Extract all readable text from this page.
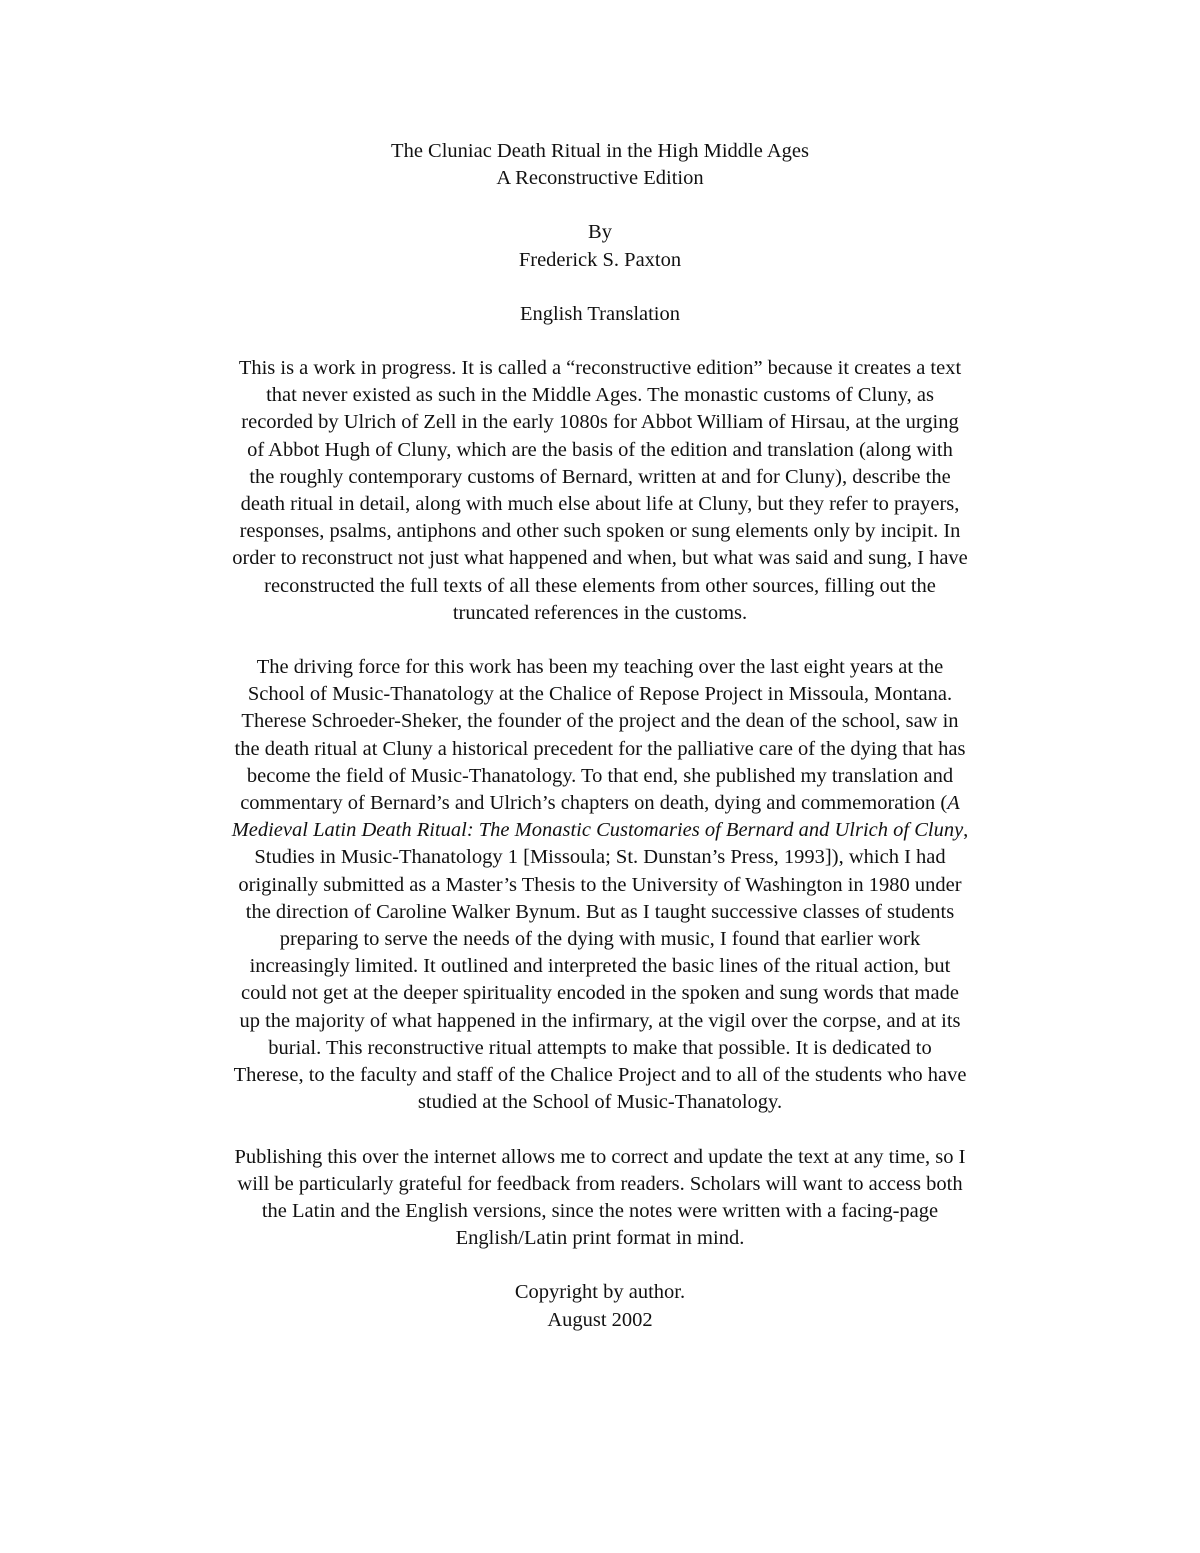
The Cluniac Death Ritual in the High Middle Ages
A Reconstructive Edition
By
Frederick S. Paxton
English Translation
This is a work in progress. It is called a “reconstructive edition” because it creates a text
that never existed as such in the Middle Ages. The monastic customs of Cluny, as
recorded by Ulrich of Zell in the early 1080s for Abbot William of Hirsau, at the urging
of Abbot Hugh of Cluny, which are the basis of the edition and translation (along with
the roughly contemporary customs of Bernard, written at and for Cluny), describe the
death ritual in detail, along with much else about life at Cluny, but they refer to prayers,
responses, psalms, antiphons and other such spoken or sung elements only by incipit. In
order to reconstruct not just what happened and when, but what was said and sung, I have
reconstructed the full texts of all these elements from other sources, filling out the
truncated references in the customs.
The driving force for this work has been my teaching over the last eight years at the
School of Music-Thanatology at the Chalice of Repose Project in Missoula, Montana.
Therese Schroeder-Sheker, the founder of the project and the dean of the school, saw in
the death ritual at Cluny a historical precedent for the palliative care of the dying that has
become the field of Music-Thanatology. To that end, she published my translation and
commentary of Bernard’s and Ulrich’s chapters on death, dying and commemoration (A
Medieval Latin Death Ritual: The Monastic Customaries of Bernard and Ulrich of Cluny,
Studies in Music-Thanatology 1 [Missoula; St. Dunstan’s Press, 1993]), which I had
originally submitted as a Master’s Thesis to the University of Washington in 1980 under
the direction of Caroline Walker Bynum. But as I taught successive classes of students
preparing to serve the needs of the dying with music, I found that earlier work
increasingly limited. It outlined and interpreted the basic lines of the ritual action, but
could not get at the deeper spirituality encoded in the spoken and sung words that made
up the majority of what happened in the infirmary, at the vigil over the corpse, and at its
burial. This reconstructive ritual attempts to make that possible. It is dedicated to
Therese, to the faculty and staff of the Chalice Project and to all of the students who have
studied at the School of Music-Thanatology.
Publishing this over the internet allows me to correct and update the text at any time, so I
will be particularly grateful for feedback from readers. Scholars will want to access both
the Latin and the English versions, since the notes were written with a facing-page
English/Latin print format in mind.
Copyright by author.
August 2002
